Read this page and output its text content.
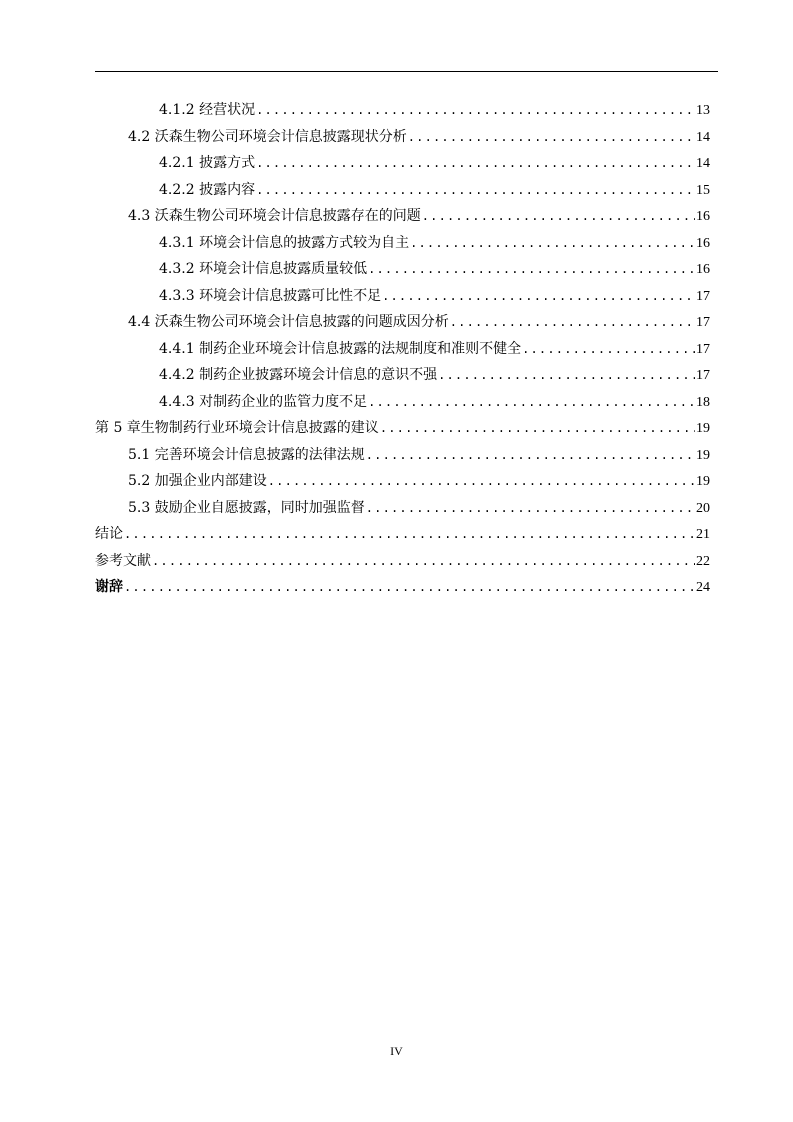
4.1.2 经营状况 .....	13
4.2 沃森生物公司环境会计信息披露现状分析 .....	14
4.2.1 披露方式 .....	14
4.2.2 披露内容 .....	15
4.3 沃森生物公司环境会计信息披露存在的问题 .....	16
4.3.1 环境会计信息的披露方式较为自主 .....	16
4.3.2 环境会计信息披露质量较低 .....	16
4.3.3 环境会计信息披露可比性不足 .....	17
4.4 沃森生物公司环境会计信息披露的问题成因分析 .....	17
4.4.1 制药企业环境会计信息披露的法规制度和准则不健全 .....	17
4.4.2 制药企业披露环境会计信息的意识不强 .....	17
4.4.3 对制药企业的监管力度不足 .....	18
第 5 章生物制药行业环境会计信息披露的建议 .....	19
5.1 完善环境会计信息披露的法律法规 .....	19
5.2 加强企业内部建设 .....	19
5.3 鼓励企业自愿披露，同时加强监督 .....	20
结论 .....	21
参考文献 .....	22
谢辞 .....	24
IV
